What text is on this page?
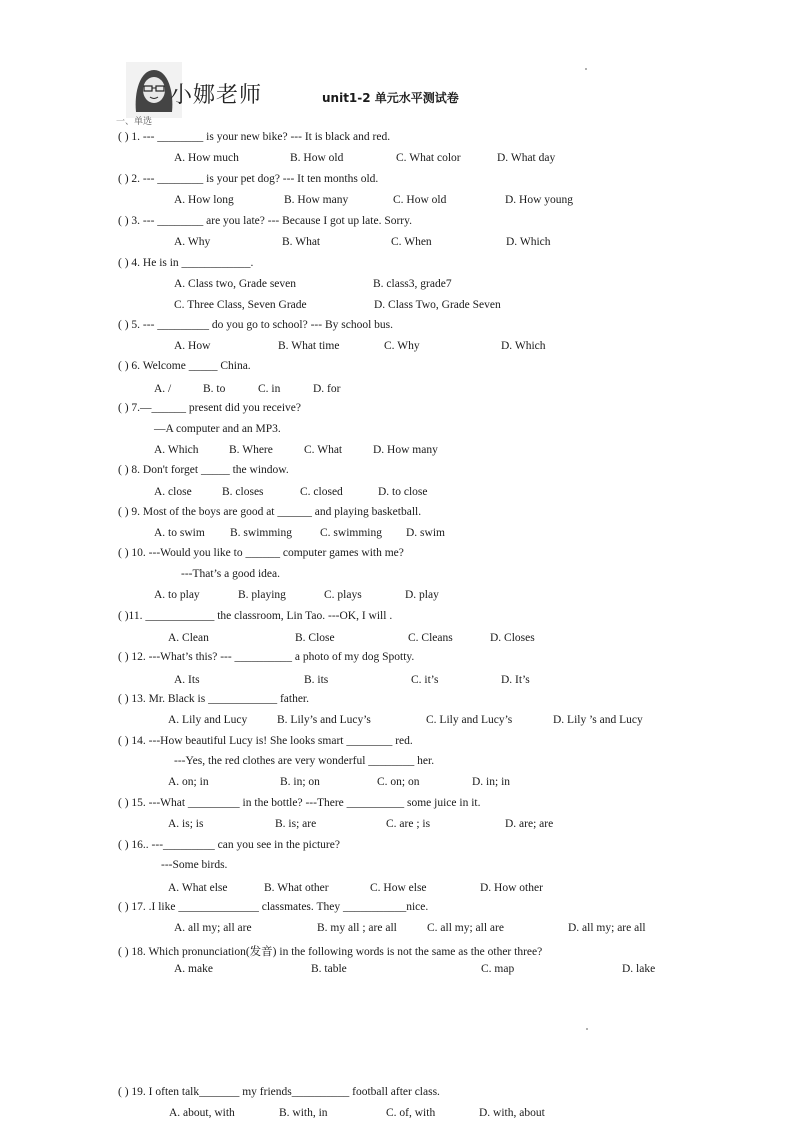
小娜老师	unit1-2 单元水平测试卷
一、单选
( ) 1. --- ________ is your new bike? --- It is black and red.
A. How much	B. How old	C. What color	D. What day
( ) 2. --- ________ is your pet dog? --- It ten months old.
A. How long	B. How many	C. How old	D. How young
( ) 3. --- ________ are you late? --- Because I got up late. Sorry.
A. Why	B. What	C. When	D. Which
( ) 4. He is in ____________.
A. Class two, Grade seven	B. class3, grade7
C. Three Class, Seven Grade	D. Class Two, Grade Seven
( ) 5. --- _________ do you go to school? --- By school bus.
A. How	B. What time	C. Why	D. Which
( ) 6. Welcome _____ China.
A. /	B. to	C. in	D. for
( ) 7.—______ present did you receive?
—A computer and an MP3.
A. Which	B. Where	C. What	D. How many
( ) 8. Don't forget _____ the window.
A. close	B. closes	C. closed	D. to close
( ) 9. Most of the boys are good at ______ and playing basketball.
A. to swim B. swimming C. swimming D. swim
( ) 10. ---Would you like to ______ computer games with me?
---That’s a good idea.
A. to play	B. playing	C. plays	D. play
( )11. ____________ the classroom, Lin Tao. ---OK, I will .
A. Clean	B. Close	C. Cleans	D. Closes
( ) 12. ---What’s this? --- __________ a photo of my dog Spotty.
A. Its	B. its	C. it’s	D. It’s
( ) 13. Mr. Black is ____________ father.
A. Lily and Lucy	B. Lily’s and Lucy’s	C. Lily and Lucy’s	D. Lily ’s and Lucy
( ) 14. ---How beautiful Lucy is! She looks smart ________ red.
---Yes, the red clothes are very wonderful ________ her.
A. on; in	B. in; on	C. on; on	D. in; in
( ) 15. ---What _________ in the bottle? ---There __________ some juice in it.
A. is; is	B. is; are	C. are ; is	D. are; are
( ) 16.. ---_________ can you see in the picture?
---Some birds.
A. What else	B. What other	C. How else	D. How other
( ) 17. .I like ______________ classmates. They ___________nice.
A. all my; all are	B. my all ; are all	C. all my; all are	D. all my; are all
( ) 18. Which pronunciation(发音) in the following words is not the same as the other three?
A. make	B. table	C. map	D. lake
( ) 19. I often talk_______ my friends__________ football after class.
A. about, with	B. with, in	C. of, with	D. with, about
